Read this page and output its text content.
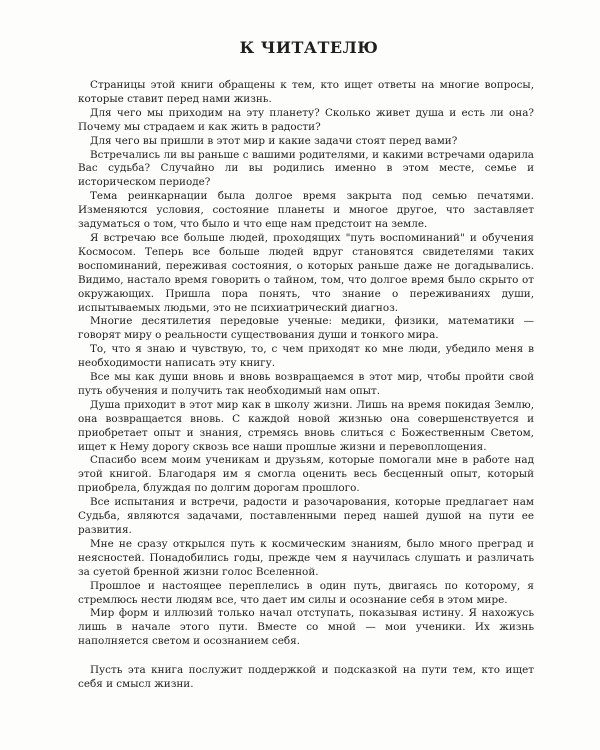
К ЧИТАТЕЛЮ

Страницы этой книги обращены к тем, кто ищет ответы на многие вопросы, которые ставит перед нами жизнь.

Для чего мы приходим на эту планету? Сколько живет душа и есть ли она? Почему мы страдаем и как жить в радости?

Для чего вы пришли в этот мир и какие задачи стоят перед вами?

Встречались ли вы раньше с вашими родителями, и какими встречами одарила Вас судьба? Случайно ли вы родились именно в этом месте, семье и историческом периоде?

Тема реинкарнации была долгое время закрыта под семью печатями. Изменяются условия, состояние планеты и многое другое, что заставляет задуматься о том, что было и что еще нам предстоит на земле.

Я встречаю все больше людей, проходящих "путь воспоминаний" и обучения Космосом. Теперь все больше людей вдруг становятся свидетелями таких воспоминаний, переживая состояния, о которых раньше даже не догадывались. Видимо, настало время говорить о тайном, том, что долгое время было скрыто от окружающих. Пришла пора понять, что знание о переживаниях души, испытываемых людьми, это не психиатрический диагноз.

Многие десятилетия передовые ученые: медики, физики, математики — говорят миру о реальности существования души и тонкого мира.

То, что я знаю и чувствую, то, с чем приходят ко мне люди, убедило меня в необходимости написать эту книгу.

Все мы как души вновь и вновь возвращаемся в этот мир, чтобы пройти свой путь обучения и получить так необходимый нам опыт.

Душа приходит в этот мир как в школу жизни. Лишь на время покидая Землю, она возвращается вновь. С каждой новой жизнью она совершенствуется и приобретает опыт и знания, стремясь вновь слиться с Божественным Светом, ищет к Нему дорогу сквозь все наши прошлые жизни и перевоплощения.

Спасибо всем моим ученикам и друзьям, которые помогали мне в работе над этой книгой. Благодаря им я смогла оценить весь бесценный опыт, который приобрела, блуждая по долгим дорогам прошлого.

Все испытания и встречи, радости и разочарования, которые предлагает нам Судьба, являются задачами, поставленными перед нашей душой на пути ее развития.

Мне не сразу открылся путь к космическим знаниям, было много преград и неясностей. Понадобились годы, прежде чем я научилась слушать и различать за суетой бренной жизни голос Вселенной.

Прошлое и настоящее переплелись в один путь, двигаясь по которому, я стремлюсь нести людям все, что дает им силы и осознание себя в этом мире.

Мир форм и иллюзий только начал отступать, показывая истину. Я нахожусь лишь в начале этого пути. Вместе со мной — мои ученики. Их жизнь наполняется светом и осознанием себя.

Пусть эта книга послужит поддержкой и подсказкой на пути тем, кто ищет себя и смысл жизни.
